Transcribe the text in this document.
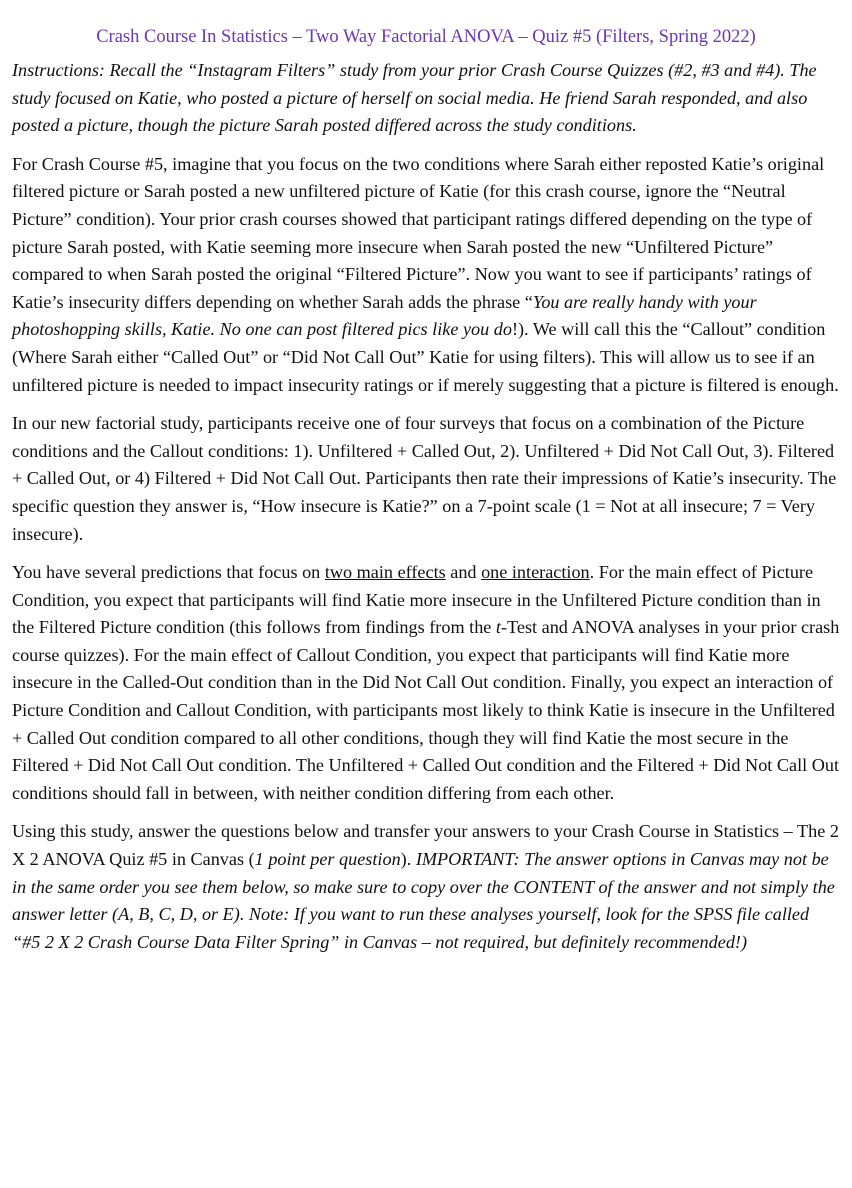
Crash Course In Statistics – Two Way Factorial ANOVA – Quiz #5 (Filters, Spring 2022)

Instructions: Recall the “Instagram Filters” study from your prior Crash Course Quizzes (#2, #3 and #4). The study focused on Katie, who posted a picture of herself on social media. He friend Sarah responded, and also posted a picture, though the picture Sarah posted differed across the study conditions.

For Crash Course #5, imagine that you focus on the two conditions where Sarah either reposted Katie’s original filtered picture or Sarah posted a new unfiltered picture of Katie (for this crash course, ignore the “Neutral Picture” condition). Your prior crash courses showed that participant ratings differed depending on the type of picture Sarah posted, with Katie seeming more insecure when Sarah posted the new “Unfiltered Picture” compared to when Sarah posted the original “Filtered Picture”. Now you want to see if participants’ ratings of Katie’s insecurity differs depending on whether Sarah adds the phrase “You are really handy with your photoshopping skills, Katie. No one can post filtered pics like you do!). We will call this the “Callout” condition (Where Sarah either “Called Out” or “Did Not Call Out” Katie for using filters). This will allow us to see if an unfiltered picture is needed to impact insecurity ratings or if merely suggesting that a picture is filtered is enough.

In our new factorial study, participants receive one of four surveys that focus on a combination of the Picture conditions and the Callout conditions: 1). Unfiltered + Called Out, 2). Unfiltered + Did Not Call Out, 3). Filtered + Called Out, or 4) Filtered + Did Not Call Out. Participants then rate their impressions of Katie’s insecurity. The specific question they answer is, “How insecure is Katie?” on a 7-point scale (1 = Not at all insecure; 7 = Very insecure).

You have several predictions that focus on two main effects and one interaction. For the main effect of Picture Condition, you expect that participants will find Katie more insecure in the Unfiltered Picture condition than in the Filtered Picture condition (this follows from findings from the t-Test and ANOVA analyses in your prior crash course quizzes). For the main effect of Callout Condition, you expect that participants will find Katie more insecure in the Called-Out condition than in the Did Not Call Out condition. Finally, you expect an interaction of Picture Condition and Callout Condition, with participants most likely to think Katie is insecure in the Unfiltered + Called Out condition compared to all other conditions, though they will find Katie the most secure in the Filtered + Did Not Call Out condition. The Unfiltered + Called Out condition and the Filtered + Did Not Call Out conditions should fall in between, with neither condition differing from each other.

Using this study, answer the questions below and transfer your answers to your Crash Course in Statistics – The 2 X 2 ANOVA Quiz #5 in Canvas (1 point per question). IMPORTANT: The answer options in Canvas may not be in the same order you see them below, so make sure to copy over the CONTENT of the answer and not simply the answer letter (A, B, C, D, or E). Note: If you want to run these analyses yourself, look for the SPSS file called “#5 2 X 2 Crash Course Data Filter Spring” in Canvas – not required, but definitely recommended!)
